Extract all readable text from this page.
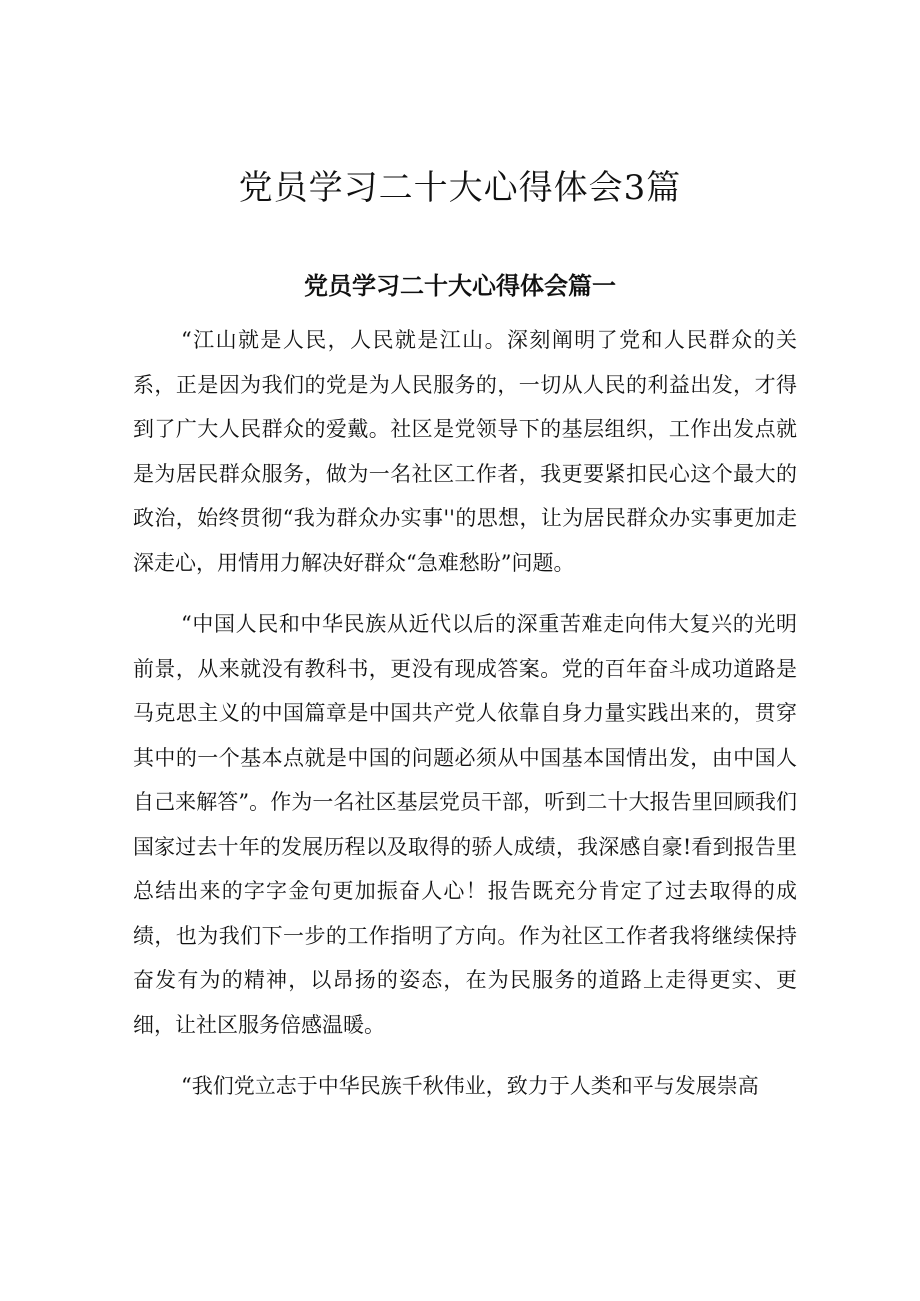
党员学习二十大心得体会3篇
党员学习二十大心得体会篇一

“江山就是人民，人民就是江山。深刻阐明了党和人民群众的关系，正是因为我们的党是为人民服务的，一切从人民的利益出发，才得到了广大人民群众的爱戴。社区是党领导下的基层组织，工作出发点就是为居民群众服务，做为一名社区工作者，我更要紧扣民心这个最大的政治，始终贯彻“我为群众办实事''的思想，让为居民群众办实事更加走深走心，用情用力解决好群众“急难愁盼”问题。

“中国人民和中华民族从近代以后的深重苦难走向伟大复兴的光明前景，从来就没有教科书，更没有现成答案。党的百年奋斗成功道路是马克思主义的中国篇章是中国共产党人依靠自身力量实践出来的，贯穿其中的一个基本点就是中国的问题必须从中国基本国情出发，由中国人自己来解答”。作为一名社区基层党员干部，听到二十大报告里回顾我们国家过去十年的发展历程以及取得的骄人成绩，我深感自豪!看到报告里总结出来的字字金句更加振奋人心！报告既充分肯定了过去取得的成绩，也为我们下一步的工作指明了方向。作为社区工作者我将继续保持奋发有为的精神，以昂扬的姿态，在为民服务的道路上走得更实、更细，让社区服务倍感温暖。

“我们党立志于中华民族千秋伟业，致力于人类和平与发展崇高
